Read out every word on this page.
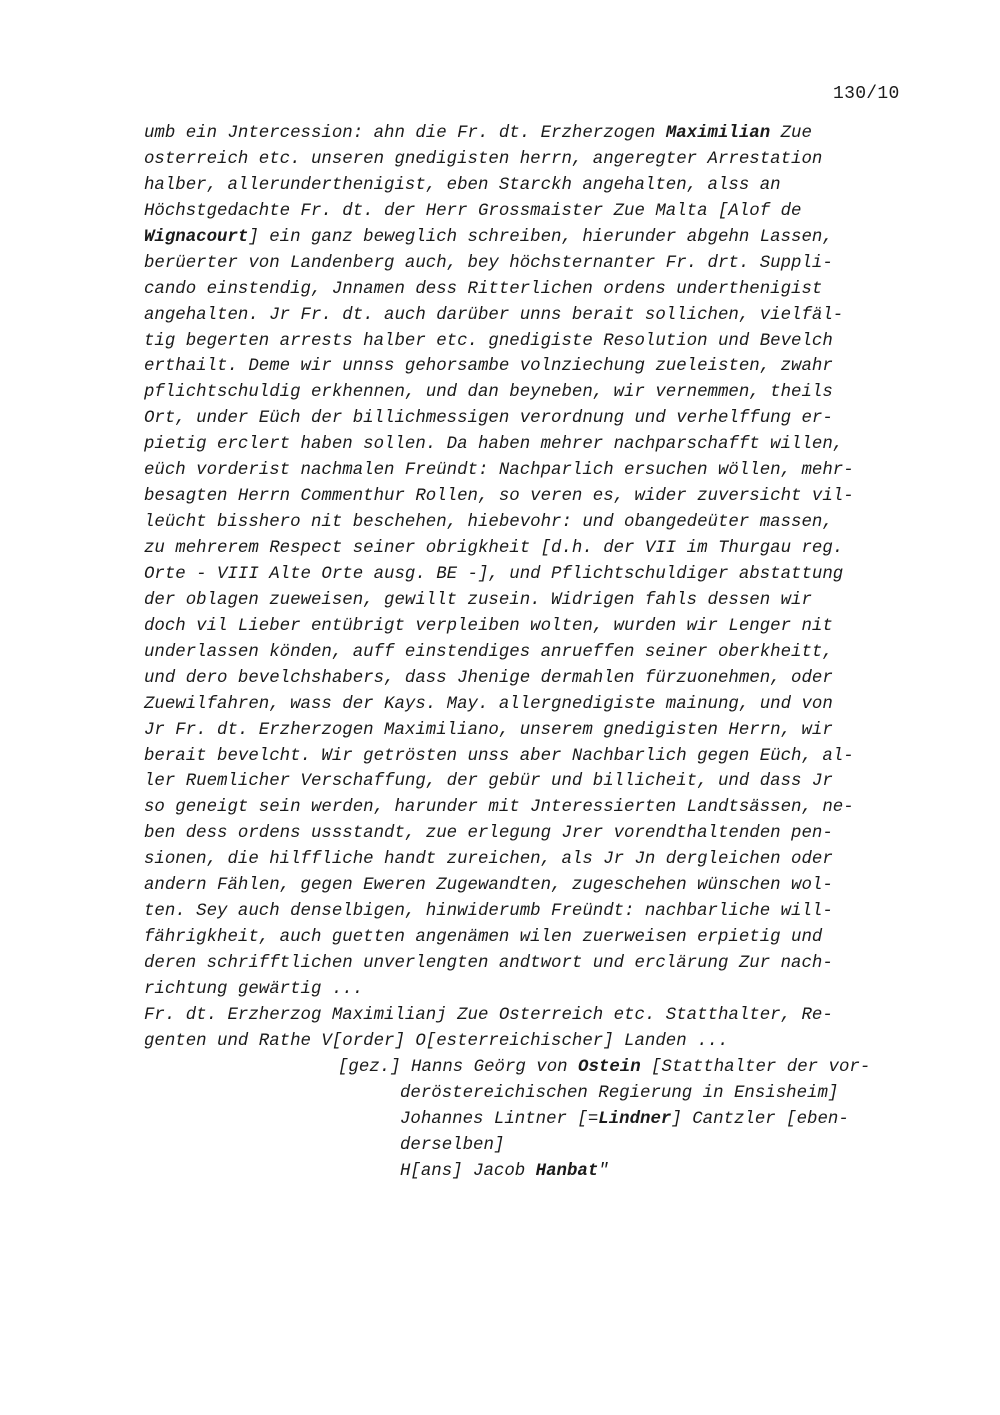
130/10
umb ein Jntercession: ahn die Fr. dt. Erzherzogen Maximilian Zue
osterreich etc. unseren gnedigisten herrn, angeregter Arrestation
halber, allerunderthenigist, eben Starckh angehalten, alss an
Höchstgedachte Fr. dt. der Herr Grossmaister Zue Malta [Alof de
Wignacourt] ein ganz beweglich schreiben, hierunder abgehn Lassen,
berüerter von Landenberg auch, bey höchsternanter Fr. drt. Suppli-
cando einstendig, Jnnamen dess Ritterlichen ordens underthenigist
angehalten. Jr Fr. dt. auch darüber unns berait sollichen, vielfäl-
tig begerten arrests halber etc. gnedigiste Resolution und Bevelch
erthailt. Deme wir unnss gehorsambe volnziechung zueleisten, zwahr
pflichtschuldig erkhennen, und dan beyneben, wir vernemmen, theils
Ort, under Eüch der billichmessigen verordnung und verhelffung er-
pietig erclert haben sollen. Da haben mehrer nachparschafft willen,
eüch vorderist nachmalen Freündt: Nachparlich ersuchen wöllen, mehr-
besagten Herrn Commenthur Rollen, so veren es, wider zuversicht vil-
leücht bisshero nit beschehen, hiebevohr: und obangedeüter massen,
zu mehrerem Respect seiner obrigkheit [d.h. der VII im Thurgau reg.
Orte - VIII Alte Orte ausg. BE -], und Pflichtschuldiger abstattung
der oblagen zueweisen, gewillt zusein. Widrigen fahls dessen wir
doch vil Lieber entübrigt verpleiben wolten, wurden wir Lenger nit
underlassen könden, auff einstendiges anrueffen seiner oberkheitt,
und dero bevelchshabers, dass Jhenige dermahlen fürzuonehmen, oder
Zuewilfahren, wass der Kays. May. allergnedigiste mainung, und von
Jr Fr. dt. Erzherzogen Maximiliano, unserem gnedigisten Herrn, wir
berait bevelcht. Wir getrösten unss aber Nachbarlich gegen Eüch, al-
ler Ruemlicher Verschaffung, der gebür und billicheit, und dass Jr
so geneigt sein werden, harunder mit Jnteressierten Landtsässen, ne-
ben dess ordens ussstandt, zue erlegung Jrer vorendthaltenden pen-
sionen, die hilffliche handt zureichen, als Jr Jn dergleichen oder
andern Fählen, gegen Eweren Zugewandten, zugeschehen wünschen wol-
ten. Sey auch denselbigen, hinwiderumb Freündt: nachbarliche will-
fährigkheit, auch guetten angenämen wilen zuerweisen erpietig und
deren schrifftlichen unverlengten andtwort und erclärung Zur nach-
richtung gewärtig ...
Fr. dt. Erzherzog Maximilianj Zue Osterreich etc. Statthalter, Re-
genten und Rathe V[order] O[esterreichischer] Landen ...
[gez.] Hanns Geörg von Ostein [Statthalter der vor-
deröstereichischen Regierung in Ensisheim]
Johannes Lintner [=Lindner] Cantzler [eben-
derselben]
H[ans] Jacob Hanbat"
